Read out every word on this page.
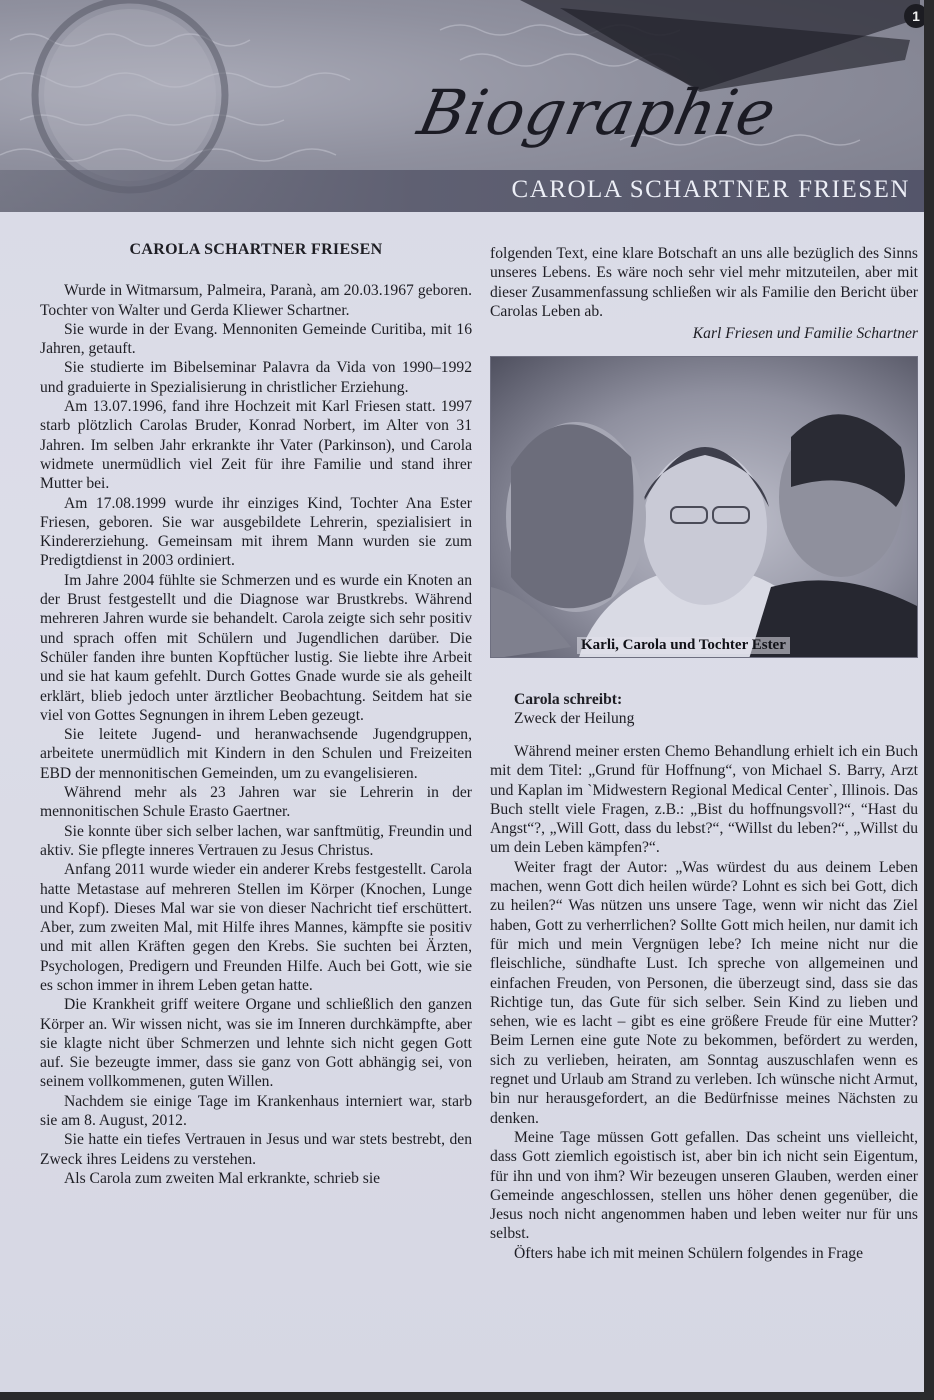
Biographie
CAROLA SCHARTNER FRIESEN
1
CAROLA SCHARTNER FRIESEN

Wurde in Witmarsum, Palmeira, Paranà, am 20.03.1967 geboren. Tochter von Walter und Gerda Kliewer Schartner.

Sie wurde in der Evang. Mennoniten Gemeinde Curitiba, mit 16 Jahren, getauft.

Sie studierte im Bibelseminar Palavra da Vida von 1990–1992 und graduierte in Spezialisierung in christlicher Erziehung.

Am 13.07.1996, fand ihre Hochzeit mit Karl Friesen statt. 1997 starb plötzlich Carolas Bruder, Konrad Norbert, im Alter von 31 Jahren. Im selben Jahr erkrankte ihr Vater (Parkinson), und Carola widmete unermüdlich viel Zeit für ihre Familie und stand ihrer Mutter bei.

Am 17.08.1999 wurde ihr einziges Kind, Tochter Ana Ester Friesen, geboren. Sie war ausgebildete Lehrerin, spezialisiert in Kindererziehung. Gemeinsam mit ihrem Mann wurden sie zum Predigtdienst in 2003 ordiniert.

Im Jahre 2004 fühlte sie Schmerzen und es wurde ein Knoten an der Brust festgestellt und die Diagnose war Brustkrebs. Während mehreren Jahren wurde sie behandelt. Carola zeigte sich sehr positiv und sprach offen mit Schülern und Jugendlichen darüber. Die Schüler fanden ihre bunten Kopftücher lustig. Sie liebte ihre Arbeit und sie hat kaum gefehlt. Durch Gottes Gnade wurde sie als geheilt erklärt, blieb jedoch unter ärztlicher Beobachtung. Seitdem hat sie viel von Gottes Segnungen in ihrem Leben gezeugt.

Sie leitete Jugend- und heranwachsende Jugendgruppen, arbeitete unermüdlich mit Kindern in den Schulen und Freizeiten EBD der mennonitischen Gemeinden, um zu evangelisieren.

Während mehr als 23 Jahren war sie Lehrerin in der mennonitischen Schule Erasto Gaertner.

Sie konnte über sich selber lachen, war sanftmütig, Freundin und aktiv. Sie pflegte inneres Vertrauen zu Jesus Christus.

Anfang 2011 wurde wieder ein anderer Krebs festgestellt. Carola hatte Metastase auf mehreren Stellen im Körper (Knochen, Lunge und Kopf). Dieses Mal war sie von dieser Nachricht tief erschüttert. Aber, zum zweiten Mal, mit Hilfe ihres Mannes, kämpfte sie positiv und mit allen Kräften gegen den Krebs. Sie suchten bei Ärzten, Psychologen, Predigern und Freunden Hilfe. Auch bei Gott, wie sie es schon immer in ihrem Leben getan hatte.

Die Krankheit griff weitere Organe und schließlich den ganzen Körper an. Wir wissen nicht, was sie im Inneren durchkämpfte, aber sie klagte nicht über Schmerzen und lehnte sich nicht gegen Gott auf. Sie bezeugte immer, dass sie ganz von Gott abhängig sei, von seinem vollkommenen, guten Willen.

Nachdem sie einige Tage im Krankenhaus interniert war, starb sie am 8. August, 2012.

Sie hatte ein tiefes Vertrauen in Jesus und war stets bestrebt, den Zweck ihres Leidens zu verstehen.

Als Carola zum zweiten Mal erkrankte, schrieb sie

folgenden Text, eine klare Botschaft an uns alle bezüglich des Sinns unseres Lebens. Es wäre noch sehr viel mehr mitzuteilen, aber mit dieser Zusammenfassung schließen wir als Familie den Bericht über Carolas Leben ab.

Karl Friesen und Familie Schartner
Karli, Carola und Tochter Ester
Carola schreibt:
Zweck der Heilung

Während meiner ersten Chemo Behandlung erhielt ich ein Buch mit dem Titel: „Grund für Hoffnung“, von Michael S. Barry, Arzt und Kaplan im `Midwestern Regional Medical Center`, Illinois. Das Buch stellt viele Fragen, z.B.: „Bist du hoffnungsvoll?“, “Hast du Angst“?, „Will Gott, dass du lebst?“, “Willst du leben?“, „Willst du um dein Leben kämpfen?“.

Weiter fragt der Autor: „Was würdest du aus deinem Leben machen, wenn Gott dich heilen würde? Lohnt es sich bei Gott, dich zu heilen?“ Was nützen uns unsere Tage, wenn wir nicht das Ziel haben, Gott zu verherrlichen? Sollte Gott mich heilen, nur damit ich für mich und mein Vergnügen lebe? Ich meine nicht nur die fleischliche, sündhafte Lust. Ich spreche von allgemeinen und einfachen Freuden, von Personen, die überzeugt sind, dass sie das Richtige tun, das Gute für sich selber. Sein Kind zu lieben und sehen, wie es lacht – gibt es eine größere Freude für eine Mutter? Beim Lernen eine gute Note zu bekommen, befördert zu werden, sich zu verlieben, heiraten, am Sonntag auszuschlafen wenn es regnet und Urlaub am Strand zu verleben. Ich wünsche nicht Armut, bin nur herausgefordert, an die Bedürfnisse meines Nächsten zu denken.

Meine Tage müssen Gott gefallen. Das scheint uns vielleicht, dass Gott ziemlich egoistisch ist, aber bin ich nicht sein Eigentum, für ihn und von ihm? Wir bezeugen unseren Glauben, werden einer Gemeinde angeschlossen, stellen uns höher denen gegenüber, die Jesus noch nicht angenommen haben und leben weiter nur für uns selbst.

Öfters habe ich mit meinen Schülern folgendes in Frage
